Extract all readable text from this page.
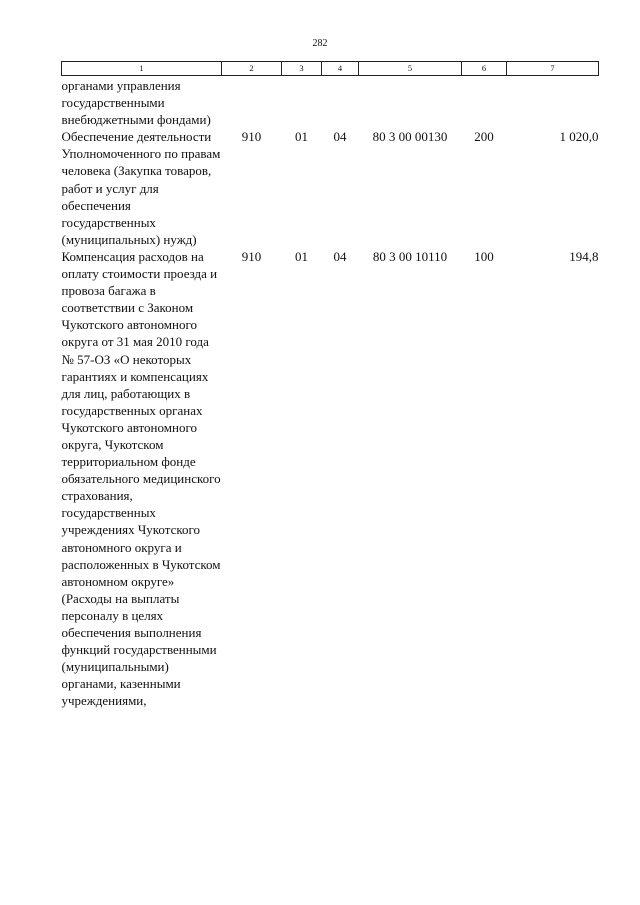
282
1	2	3	4	5	6	7
органами управления государственными внебюджетными фондами)						
Обеспечение деятельности Уполномоченного по правам человека (Закупка товаров, работ и услуг для обеспечения государственных (муниципальных) нужд)	910	01	04	80 3 00 00130	200	1 020,0
Компенсация расходов на оплату стоимости проезда и провоза багажа в соответствии с Законом Чукотского автономного округа от 31 мая 2010 года № 57-ОЗ «О некоторых гарантиях и компенсациях для лиц, работающих в государственных органах Чукотского автономного округа, Чукотском территориальном фонде обязательного медицинского страхования, государственных учреждениях Чукотского автономного округа и расположенных в Чукотском автономном округе» (Расходы на выплаты персоналу в целях обеспечения выполнения функций государственными (муниципальными) органами, казенными учреждениями,	910	01	04	80 3 00 10110	100	194,8
